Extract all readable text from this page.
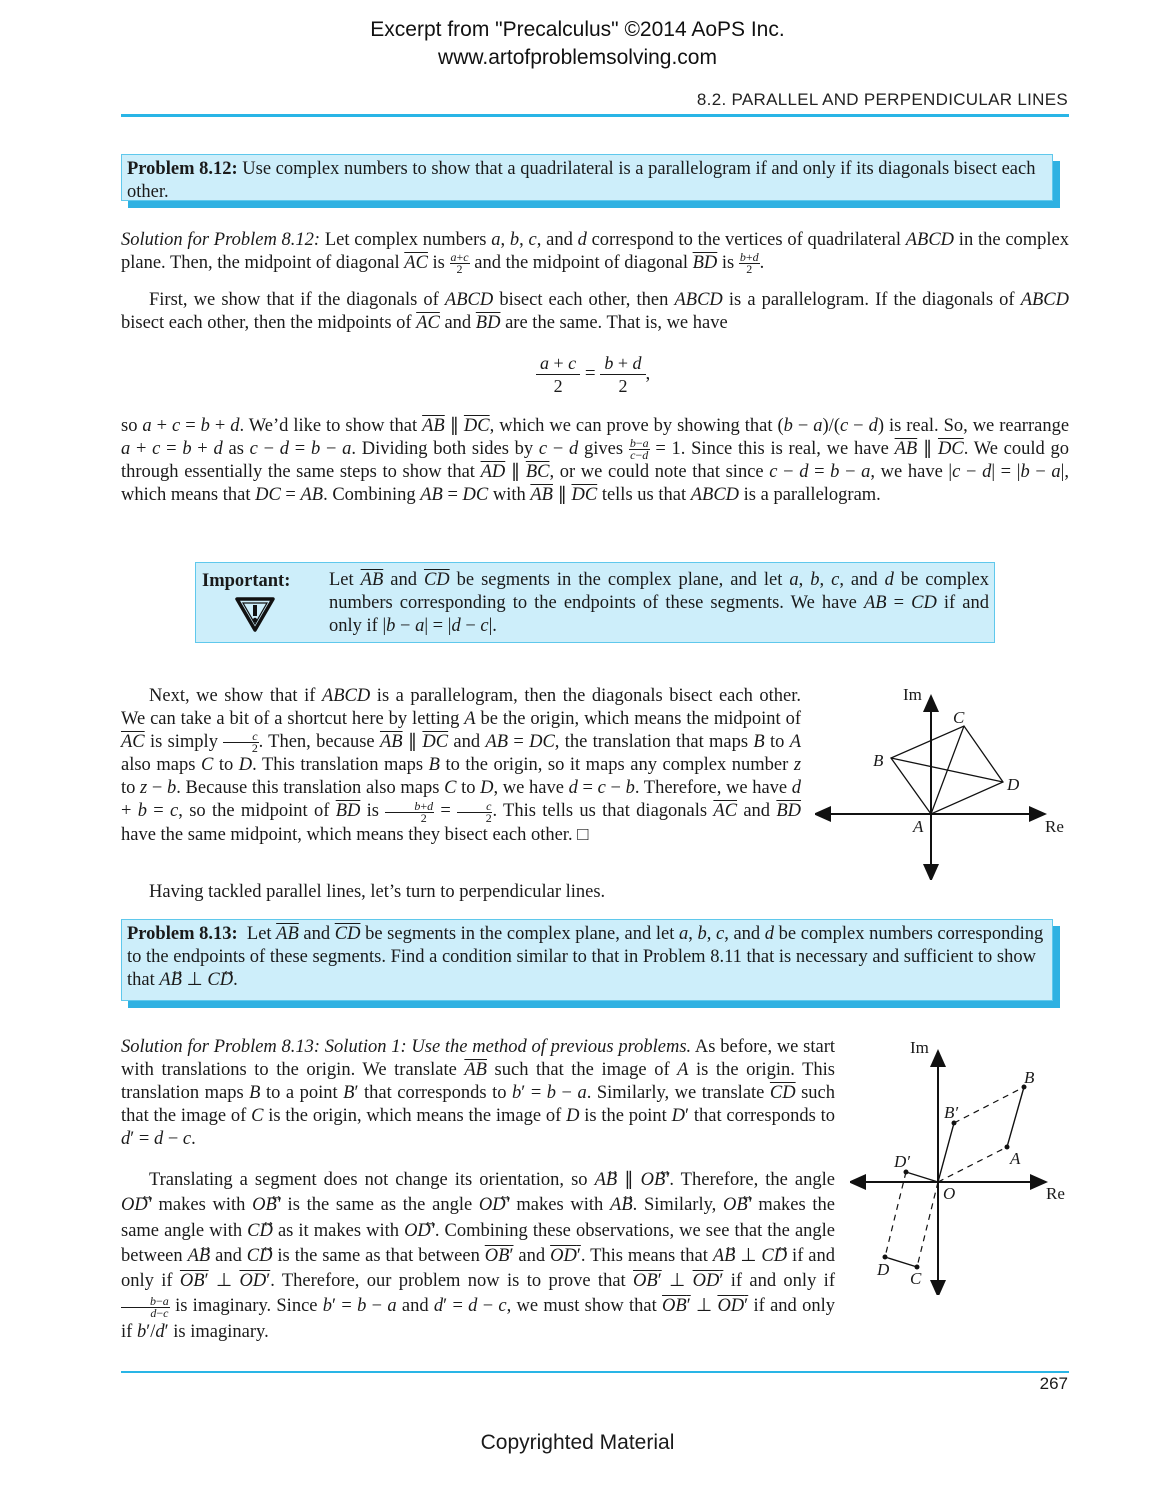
Excerpt from "Precalculus" ©2014 AoPS Inc.
www.artofproblemsolving.com
8.2. PARALLEL AND PERPENDICULAR LINES
Problem 8.12: Use complex numbers to show that a quadrilateral is a parallelogram if and only if its diagonals bisect each other.
Solution for Problem 8.12: Let complex numbers a, b, c, and d correspond to the vertices of quadrilateral ABCD in the complex plane. Then, the midpoint of diagonal $\overline{AC}$ is $\frac{a+c}{2}$ and the midpoint of diagonal $\overline{BD}$ is $\frac{b+d}{2}$ .
First, we show that if the diagonals of ABCD bisect each other, then ABCD is a parallelogram. If the diagonals of ABCD bisect each other, then the midpoints of $\overline{AC}$ and $\overline{BD}$ are the same. That is, we have
$\frac{a + c}{2} = \frac{b + d}{2}$ ,
so a + c = b + d. We’d like to show that $\overline{AB}$ ∥ $\overline{DC}$, which we can prove by showing that (b − a)/(c − d) is real. So, we rearrange a + c = b + d as c − d = b − a. Dividing both sides by c − d gives $\frac{b-a}{c-d} = 1$. Since this is real, we have $\overline{AB}$ ∥ $\overline{DC}$. We could go through essentially the same steps to show that $\overline{AD}$ ∥ $\overline{BC}$, or we could note that since c − d = b − a, we have |c − d| = |b − a|, which means that DC = AB. Combining AB = DC with $\overline{AB}$ ∥ $\overline{DC}$ tells us that ABCD is a parallelogram.
Important: Let $\overline{AB}$ and $\overline{CD}$ be segments in the complex plane, and let a, b, c, and d be complex numbers corresponding to the endpoints of these segments. We have AB = CD if and only if |b − a| = |d − c|.
Next, we show that if ABCD is a parallelogram, then the diagonals bisect each other. We can take a bit of a shortcut here by letting A be the origin, which means the midpoint of $\overline{AC}$ is simply $\frac{c}{2}$ . Then, because $\overline{AB}$ ∥ $\overline{DC}$ and AB = DC, the translation that maps B to A also maps C to D. This translation maps B to the origin, so it maps any complex number z to z − b. Because this translation also maps C to D, we have d = c − b. Therefore, we have d + b = c, so the midpoint of $\overline{BD}$ is $\frac{b+d}{2} = \frac{c}{2}$ . This tells us that diagonals $\overline{AC}$ and $\overline{BD}$ have the same midpoint, which means they bisect each other. □
Im
Re
A
B
C
D
Having tackled parallel lines, let’s turn to perpendicular lines.
Problem 8.13:  Let $\overline{AB}$ and $\overline{CD}$ be segments in the complex plane, and let a, b, c, and d be complex numbers corresponding to the endpoints of these segments. Find a condition similar to that in Problem 8.11 that is necessary and sufficient to show that AB⃡ ⊥ CD⃡.
Solution for Problem 8.13: Solution 1: Use the method of previous problems. As before, we start with translations to the origin. We translate $\overline{AB}$ such that the image of A is the origin. This translation maps B to a point B′ that corresponds to b′ = b − a. Similarly, we translate $\overline{CD}$ such that the image of C is the origin, which means the image of D is the point D′ that corresponds to d′ = d − c.
Translating a segment does not change its orientation, so AB⃡ ∥ OB′⃡. Therefore, the angle OD′⃡ makes with OB′⃡ is the same as the angle OD′⃡ makes with AB⃡. Similarly, OB′⃡ makes the same angle with CD⃡ as it makes with OD′⃡. Combining these observations, we see that the angle between AB⃡ and CD⃡ is the same as that between OB′ and OD′. This means that AB⃡ ⊥ CD⃡ if and only if OB′ ⊥ OD′. Therefore, our problem now is to prove that OB′ ⊥ OD′ if and only if
$\frac{b-a}{d-c}$ is imaginary. Since b′ = b − a and d′ = d − c, we must show that OB′ ⊥ OD′ if and only if b′/d′ is imaginary.
Im
Re
O
A
B
B′
D′
D C
267
Copyrighted Material
